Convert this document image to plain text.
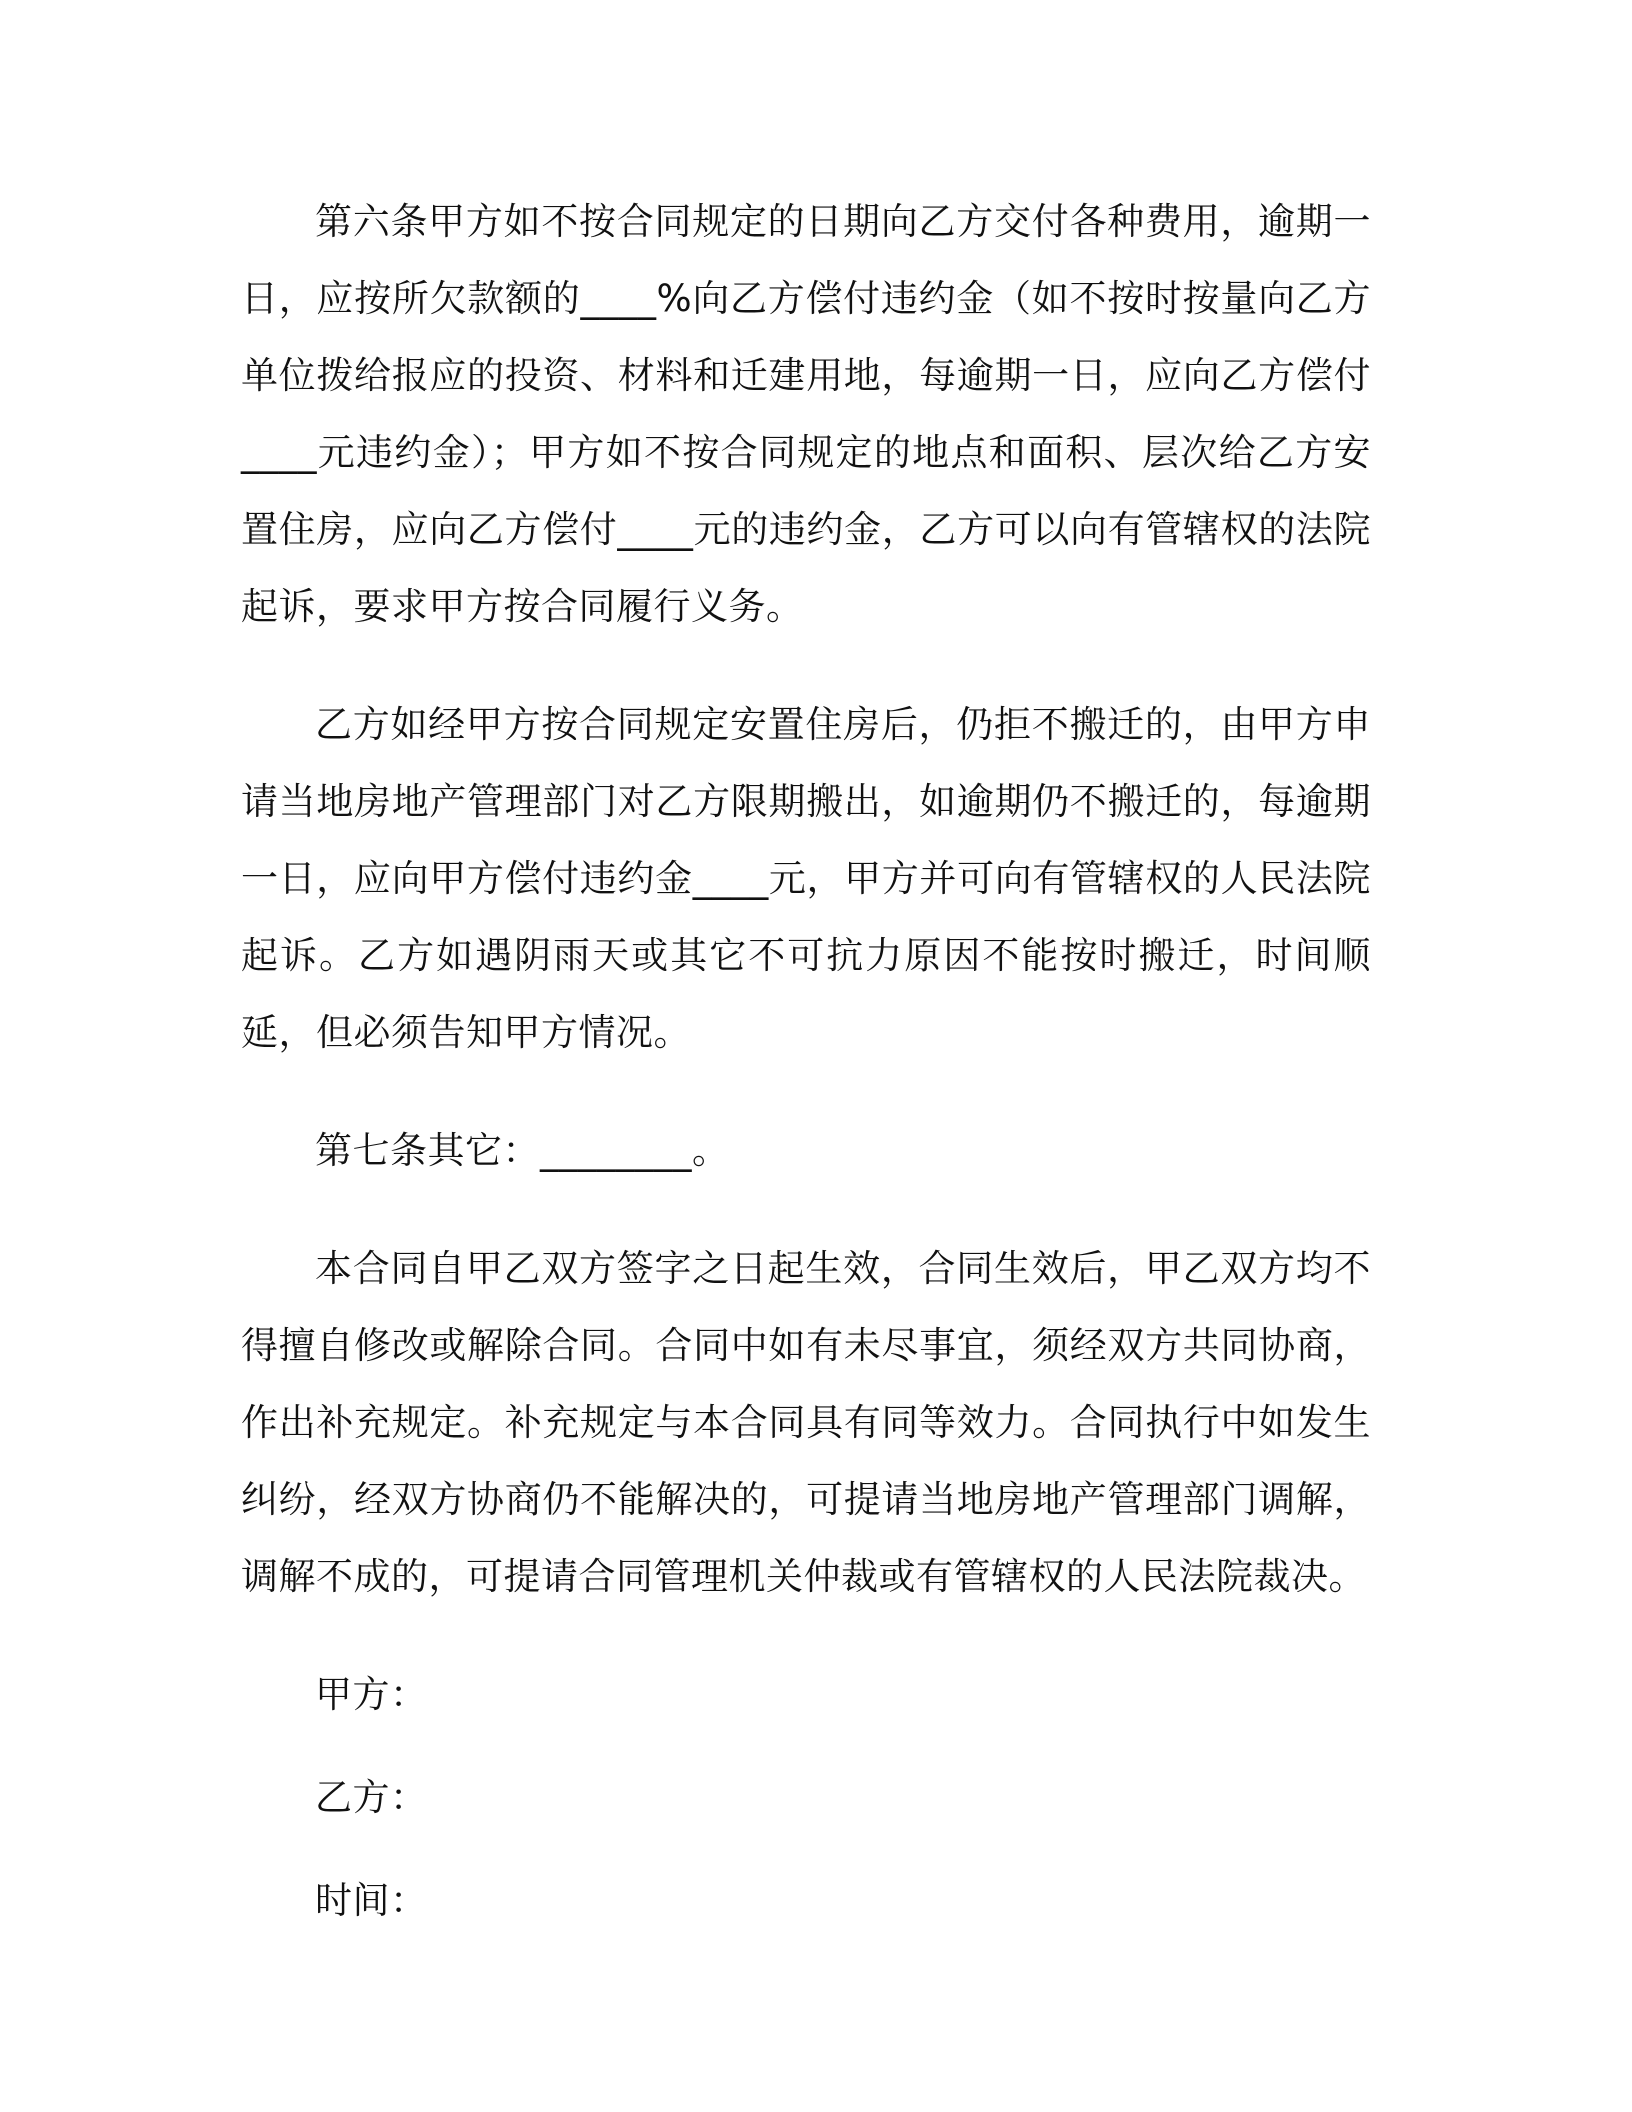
第六条甲方如不按合同规定的日期向乙方交付各种费用，逾期一日，应按所欠款额的____%向乙方偿付违约金（如不按时按量向乙方单位拨给报应的投资、材料和迁建用地，每逾期一日，应向乙方偿付____元违约金）；甲方如不按合同规定的地点和面积、层次给乙方安置住房，应向乙方偿付____元的违约金，乙方可以向有管辖权的法院起诉，要求甲方按合同履行义务。

乙方如经甲方按合同规定安置住房后，仍拒不搬迁的，由甲方申请当地房地产管理部门对乙方限期搬出，如逾期仍不搬迁的，每逾期一日，应向甲方偿付违约金____元，甲方并可向有管辖权的人民法院起诉。乙方如遇阴雨天或其它不可抗力原因不能按时搬迁，时间顺延，但必须告知甲方情况。

第七条其它：________。

本合同自甲乙双方签字之日起生效，合同生效后，甲乙双方均不得擅自修改或解除合同。合同中如有未尽事宜，须经双方共同协商，作出补充规定。补充规定与本合同具有同等效力。合同执行中如发生纠纷，经双方协商仍不能解决的，可提请当地房地产管理部门调解，调解不成的，可提请合同管理机关仲裁或有管辖权的人民法院裁决。

甲方：

乙方：

时间：
